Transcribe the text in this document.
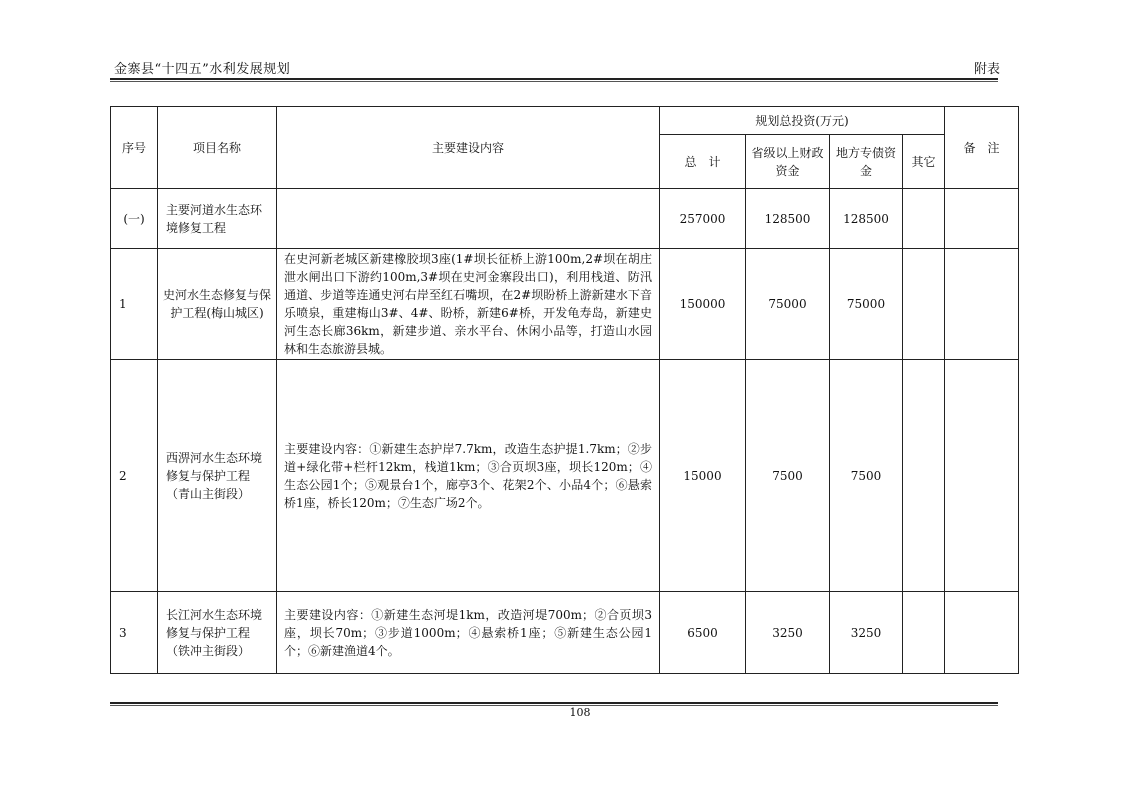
金寨县“十四五”水利发展规划	附表
序号	项目名称	主要建设内容	规划总投资(万元)				备　注
			总　计	省级以上财政资金	地方专债资金	其它	
(一)	主要河道水生态环境修复工程		257000	128500	128500		
1	史河水生态修复与保护工程(梅山城区)	在史河新老城区新建橡胶坝3座(1#坝长征桥上游100m,2#坝在胡庄泄水闸出口下游约100m,3#坝在史河金寨段出口)，利用栈道、防汛通道、步道等连通史河右岸至红石嘴坝，在2#坝盼桥上游新建水下音乐喷泉，重建梅山3#、4#、盼桥，新建6#桥，开发龟寿岛，新建史河生态长廊36km，新建步道、亲水平台、休闲小品等，打造山水园林和生态旅游县城。	150000	75000	75000		
2	西淠河水生态环境修复与保护工程（青山主街段）	主要建设内容：①新建生态护岸7.7km，改造生态护提1.7km；②步道+绿化带+栏杆12km，栈道1km；③合页坝3座，坝长120m；④生态公园1个；⑤观景台1个，廊亭3个、花架2个、小品4个；⑥悬索桥1座，桥长120m；⑦生态广场2个。	15000	7500	7500		
3	长江河水生态环境修复与保护工程（铁冲主街段）	主要建设内容：①新建生态河堤1km，改造河堤700m；②合页坝3座，坝长70m；③步道1000m；④悬索桥1座；⑤新建生态公园1个；⑥新建渔道4个。	6500	3250	3250		
108
